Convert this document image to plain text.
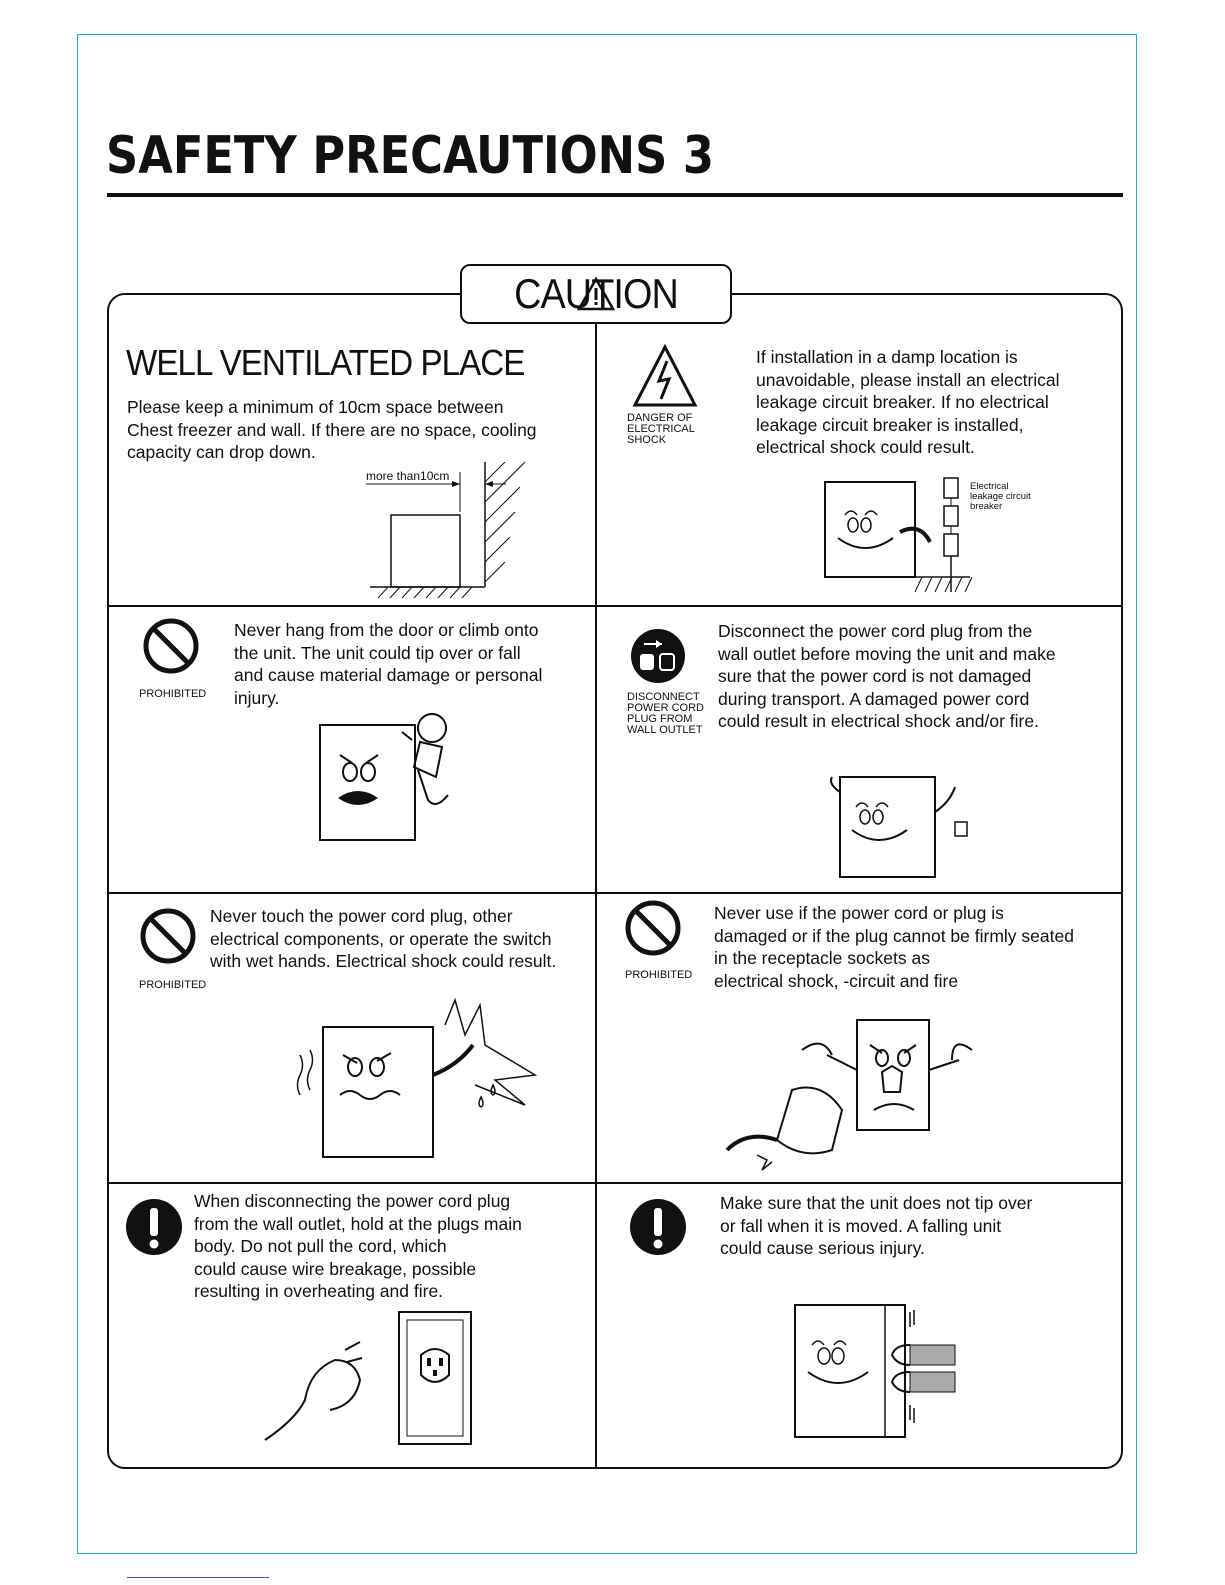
SAFETY PRECAUTIONS 3
CAUTION
WELL VENTILATED PLACE
Please keep a minimum of 10cm space between
Chest freezer and wall. If there are no space, cooling
capacity can drop down.
more than10cm
DANGER OF
ELECTRICAL
SHOCK
If installation in a damp location is
unavoidable, please install an electrical
leakage circuit breaker. If no electrical
leakage circuit breaker is installed,
electrical shock could result.
Electrical
leakage circuit
breaker
PROHIBITED
Never hang from the door or climb onto
the unit. The unit could tip over or fall
and cause material damage or personal
injury.	DISCONNECT
POWER CORD
PLUG FROM
WALL OUTLET
Disconnect the power cord plug from the
wall outlet before moving the unit and make
sure that the power cord is not damaged
during transport. A damaged power cord
could result in electrical shock and/or fire.
PROHIBITED
Never touch the power cord plug, other
electrical components, or operate the switch
with wet hands. Electrical shock could result.
PROHIBITED
Never use if the power cord or plug is
damaged or if the plug cannot be firmly seated
in the receptacle sockets as
electrical shock, -circuit and fire
When disconnecting the power cord plug
from the wall outlet, hold at the plugs main
body. Do not pull the cord, which
could cause wire breakage, possible
resulting in overheating and fire.
Make sure that the unit does not tip over
or fall when it is moved. A falling unit
could cause serious injury.
